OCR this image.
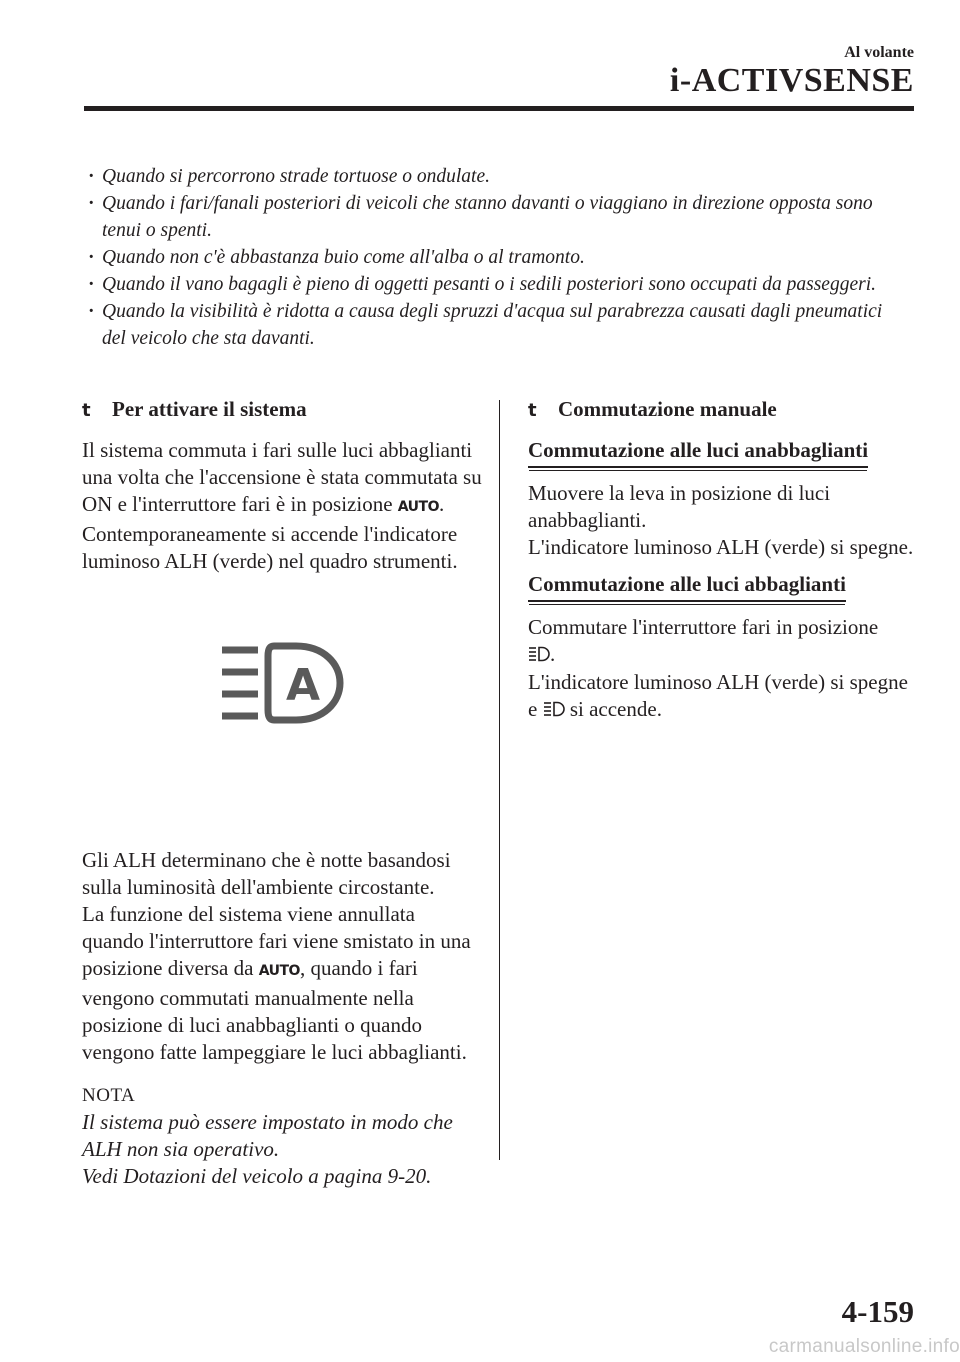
Al volante
i-ACTIVSENSE
· Quando si percorrono strade tortuose o ondulate.
· Quando i fari/fanali posteriori di veicoli che stanno davanti o viaggiano in direzione opposta sono tenui o spenti.
· Quando non c'è abbastanza buio come all'alba o al tramonto.
· Quando il vano bagagli è pieno di oggetti pesanti o i sedili posteriori sono occupati da passeggeri.
· Quando la visibilità è ridotta a causa degli spruzzi d'acqua sul parabrezza causati dagli pneumatici del veicolo che sta davanti.
t	Per attivare il sistema

Il sistema commuta i fari sulle luci abbaglianti una volta che l'accensione è stata commutata su ON e l'interruttore fari è in posizione AUTO. Contemporaneamente si accende l'indicatore luminoso ALH (verde) nel quadro strumenti.

Gli ALH determinano che è notte basandosi sulla luminosità dell'ambiente circostante.

La funzione del sistema viene annullata quando l'interruttore fari viene smistato in una posizione diversa da AUTO, quando i fari vengono commutati manualmente nella posizione di luci anabbaglianti o quando vengono fatte lampeggiare le luci abbaglianti.

NOTA

Il sistema può essere impostato in modo che ALH non sia operativo.

Vedi Dotazioni del veicolo a pagina 9-20.

A
t	Commutazione manuale
Commutazione alle luci anabbaglianti

Muovere la leva in posizione di luci anabbaglianti.

L'indicatore luminoso ALH (verde) si spegne.

Commutazione alle luci abbaglianti

Commutare l'interruttore fari in posizione
.

L'indicatore luminoso ALH (verde) si spegne e  si accende.

4-159
carmanualsonline.info
